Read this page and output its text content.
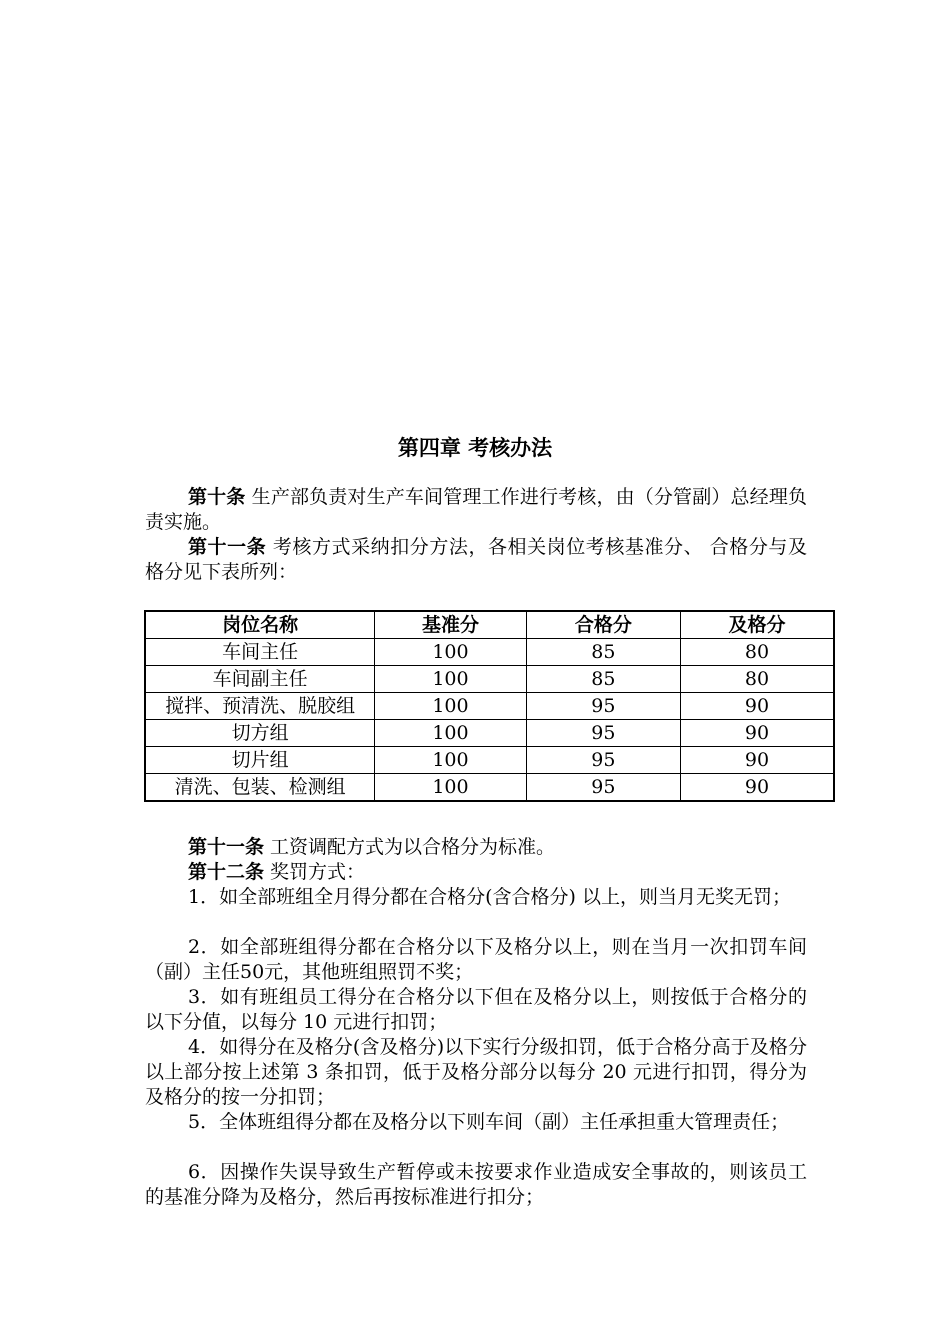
第四章 考核办法

第十条 生产部负责对生产车间管理工作进行考核，由（分管副）总经理负责实施。

第十一条 考核方式采纳扣分方法，各相关岗位考核基准分、 合格分与及格分见下表所列：

岗位名称	基准分	合格分	及格分
车间主任	100	85	80
车间副主任	100	85	80
搅拌、预清洗、脱胶组	100	95	90
切方组	100	95	90
切片组	100	95	90
清洗、包装、检测组	100	95	90

第十一条 工资调配方式为以合格分为标准。

第十二条 奖罚方式：

1．如全部班组全月得分都在合格分(含合格分) 以上，则当月无奖无罚；

2．如全部班组得分都在合格分以下及格分以上，则在当月一次扣罚车间（副）主任50元，其他班组照罚不奖；

3．如有班组员工得分在合格分以下但在及格分以上，则按低于合格分的以下分值，以每分 10 元进行扣罚；

4．如得分在及格分(含及格分)以下实行分级扣罚，低于合格分高于及格分以上部分按上述第 3 条扣罚，低于及格分部分以每分 20 元进行扣罚，得分为及格分的按一分扣罚；

5．全体班组得分都在及格分以下则车间（副）主任承担重大管理责任；

6．因操作失误导致生产暂停或未按要求作业造成安全事故的，则该员工的基准分降为及格分，然后再按标准进行扣分；
